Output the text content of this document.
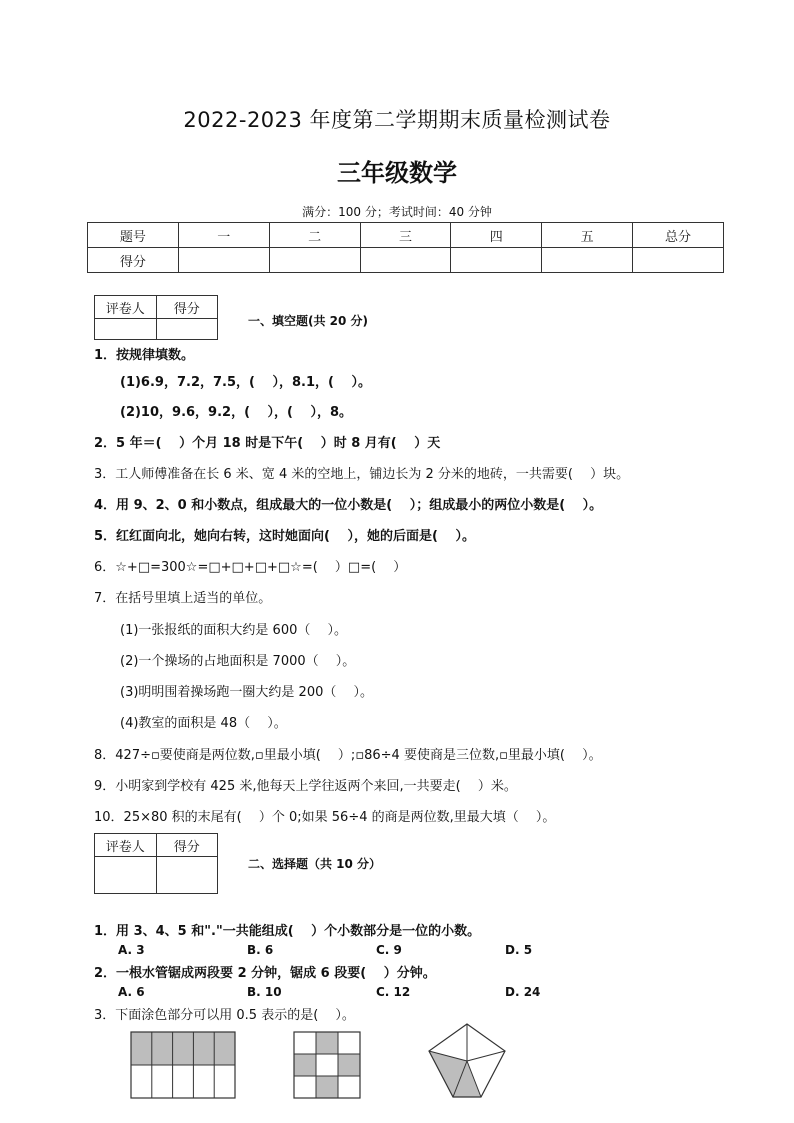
2022-2023 年度第二学期期末质量检测试卷
三年级数学
满分：100 分；考试时间：40 分钟
题号	一	二	三	四	五	总分
得分						
评卷人	得分

一、填空题(共 20 分)
1．按规律填数。
(1)6.9，7.2，7.5，(　 ），8.1，(　 ）。
(2)10，9.6，9.2，(　 ），(　 ），8。
2．5 年＝(　 ）个月 18 时是下午(　 ）时 8 月有(　 ）天
3．工人师傅准备在长 6 米、宽 4 米的空地上，铺边长为 2 分米的地砖，一共需要(　 ）块。
4．用 9、2、0 和小数点，组成最大的一位小数是(　 ）；组成最小的两位小数是(　 ）。
5．红红面向北，她向右转，这时她面向(　 ），她的后面是(　 ）。
6．☆+□=300☆=□+□+□+□☆=(　 ）□=(　 ）
7．在括号里填上适当的单位。
(1)一张报纸的面积大约是 600（　 ）。
(2)一个操场的占地面积是 7000（　 ）。
(3)明明围着操场跑一圈大约是 200（　 ）。
(4)教室的面积是 48（　 ）。
8．427÷▫要使商是两位数,▫里最小填(　 ）;▫86÷4 要使商是三位数,▫里最小填(　 ）。
9．小明家到学校有 425 米,他每天上学往返两个来回,一共要走(　 ）米。
10．25×80 积的末尾有(　 ）个 0;如果 56÷4 的商是两位数,里最大填（　 ）。
评卷人	得分

二、选择题（共 10 分）
1．用 3、4、5 和"."一共能组成(　 ）个小数部分是一位的小数。
A. 3	B. 6	C. 9	D. 5
2．一根水管锯成两段要 2 分钟，锯成 6 段要(　 ）分钟。
A. 6	B. 10	C. 12	D. 24
3．下面涂色部分可以用 0.5 表示的是(　 ）。
